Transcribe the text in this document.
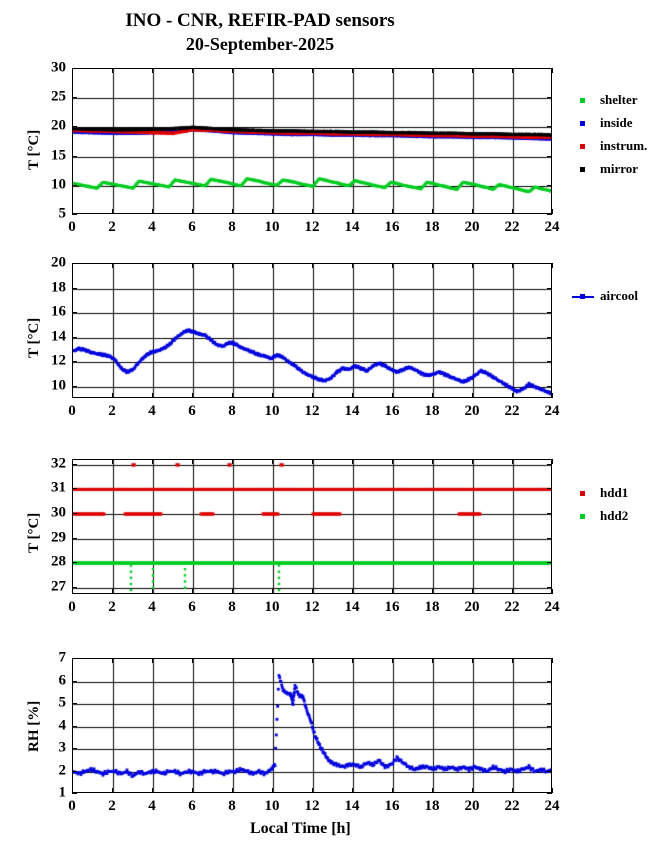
INO - CNR, REFIR-PAD sensors
20-September-2025
T [°C]
5
10
15
20
25
30
0 2 4 6 8 10 12 14 16 18 20 22 24
shelter
inside
instrum.
mirror
T [°C]
10
12
14
16
18
20
0 2 4 6 8 10 12 14 16 18 20 22 24
aircool
T [°C]
27
28
29
30
31
32
0 2 4 6 8 10 12 14 16 18 20 22 24
hdd1
hdd2
RH [%]
1
2
3
4
5
6
7
0 2 4 6 8 10 12 14 16 18 20 22 24
Local Time [h]
